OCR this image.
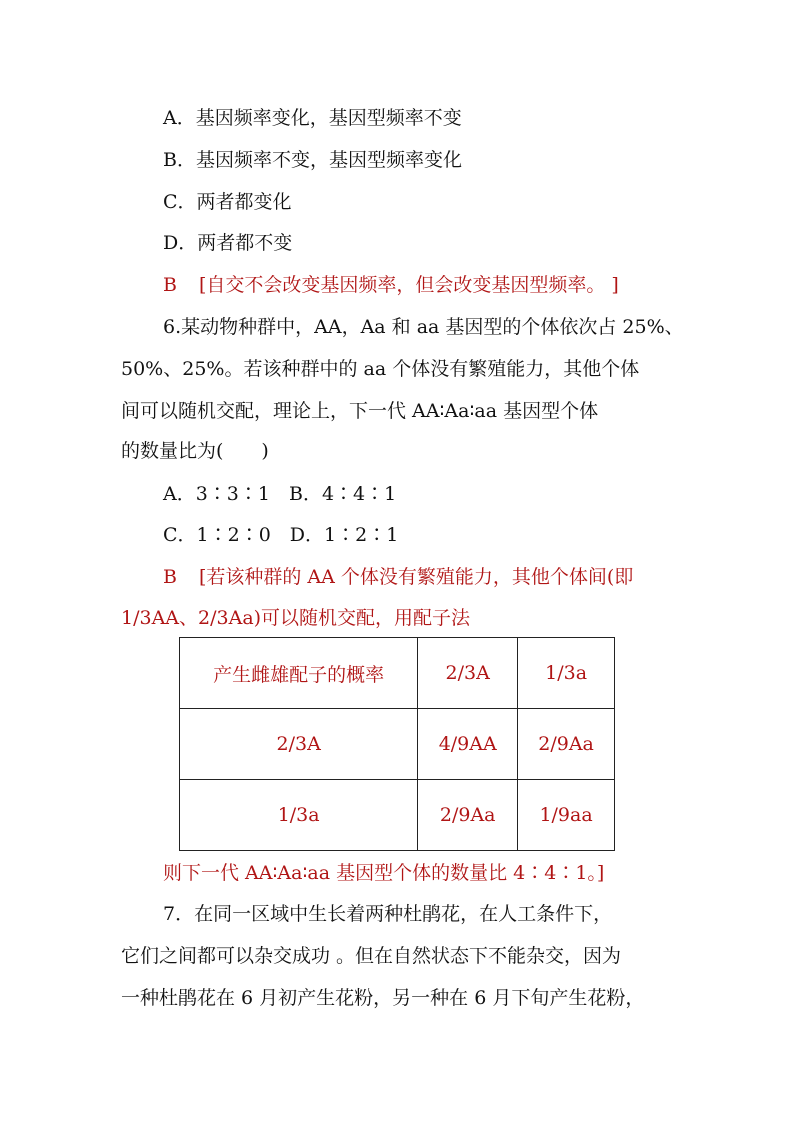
A．基因频率变化，基因型频率不变
B．基因频率不变，基因型频率变化
C．两者都变化
D．两者都不变
B [自交不会改变基因频率，但会改变基因型频率。 ]
6.某动物种群中，AA，Aa 和 aa 基因型的个体依次占 25%、
50%、25%。若该种群中的 aa 个体没有繁殖能力，其他个体
间可以随机交配，理论上，下一代 AA∶Aa∶aa 基因型个体
的数量比为(　　)
A．3∶3∶1　B．4∶4∶1
C．1∶2∶0　D．1∶2∶1
B [若该种群的 AA 个体没有繁殖能力，其他个体间(即
1/3AA、2/3Aa)可以随机交配，用配子法
产生雌雄配子的概率	2/3A	1/3a
2/3A	4/9AA	2/9Aa
1/3a	2/9Aa	1/9aa
则下一代 AA∶Aa∶aa 基因型个体的数量比 4∶4∶1。]
7．在同一区域中生长着两种杜鹃花，在人工条件下，
它们之间都可以杂交成功 。但在自然状态下不能杂交，因为
一种杜鹃花在 6 月初产生花粉，另一种在 6 月下旬产生花粉，
